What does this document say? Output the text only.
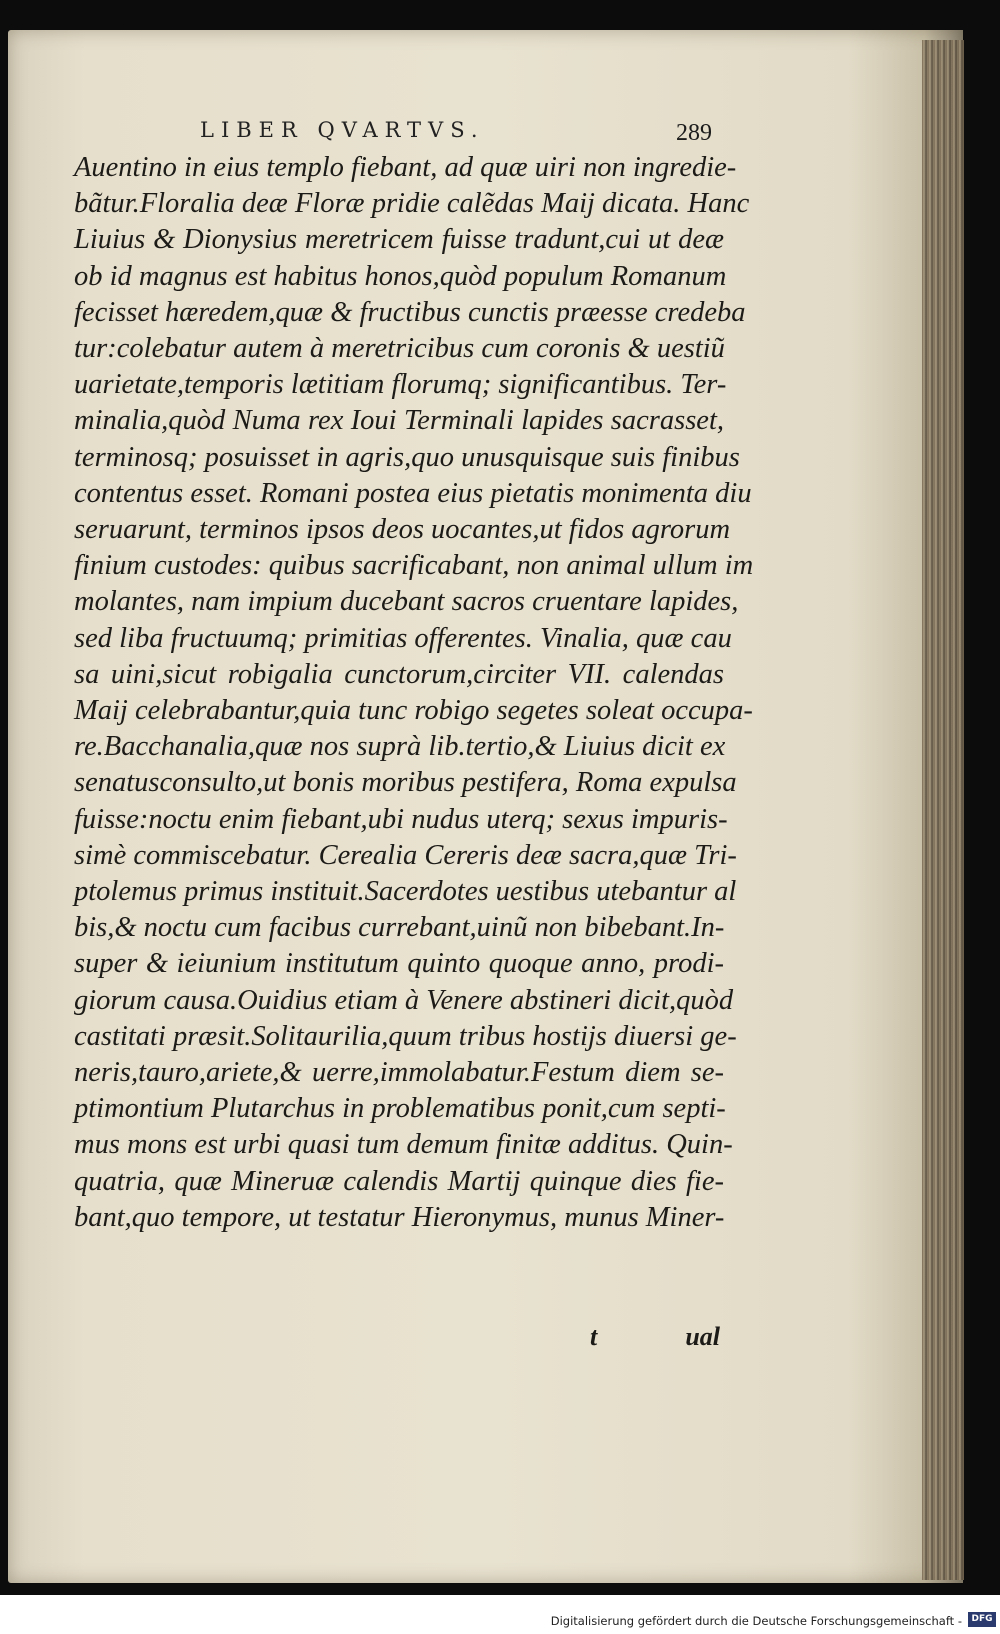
LIBER QVARTVS.	289
Auentino in eius templo fiebant, ad quæ uiri non ingredie-
bãtur.Floralia deæ Floræ pridie calẽdas Maij dicata. Hanc
Liuius & Dionysius meretricem fuisse tradunt,cui ut deæ
ob id magnus est habitus honos,quòd populum Romanum
fecisset hæredem,quæ & fructibus cunctis præesse credeba
tur:colebatur autem à meretricibus cum coronis & uestiũ
uarietate,temporis lætitiam florumq; significantibus. Ter-
minalia,quòd Numa rex Ioui Terminali lapides sacrasset,
terminosq; posuisset in agris,quo unusquisque suis finibus
contentus esset. Romani postea eius pietatis monimenta diu
seruarunt, terminos ipsos deos uocantes,ut fidos agrorum
finium custodes: quibus sacrificabant, non animal ullum im
molantes, nam impium ducebant sacros cruentare lapides,
sed liba fructuumq; primitias offerentes. Vinalia, quæ cau
sa uini,sicut robigalia cunctorum,circiter VII. calendas
Maij celebrabantur,quia tunc robigo segetes soleat occupa-
re.Bacchanalia,quæ nos suprà lib.tertio,& Liuius dicit ex
senatusconsulto,ut bonis moribus pestifera, Roma expulsa
fuisse:noctu enim fiebant,ubi nudus uterq; sexus impuris-
simè commiscebatur. Cerealia Cereris deæ sacra,quæ Tri-
ptolemus primus instituit.Sacerdotes uestibus utebantur al
bis,& noctu cum facibus currebant,uinũ non bibebant.In-
super & ieiunium institutum quinto quoque anno, prodi-
giorum causa.Ouidius etiam à Venere abstineri dicit,quòd
castitati præsit.Solitaurilia,quum tribus hostijs diuersi ge-
neris,tauro,ariete,& uerre,immolabatur.Festum diem se-
ptimontium Plutarchus in problematibus ponit,cum septi-
mus mons est urbi quasi tum demum finitæ additus. Quin-
quatria, quæ Mineruæ calendis Martij quinque dies fie-
bant,quo tempore, ut testatur Hieronymus, munus Miner-
t	ual
Digitalisierung gefördert durch die Deutsche Forschungsgemeinschaft -	DFG
